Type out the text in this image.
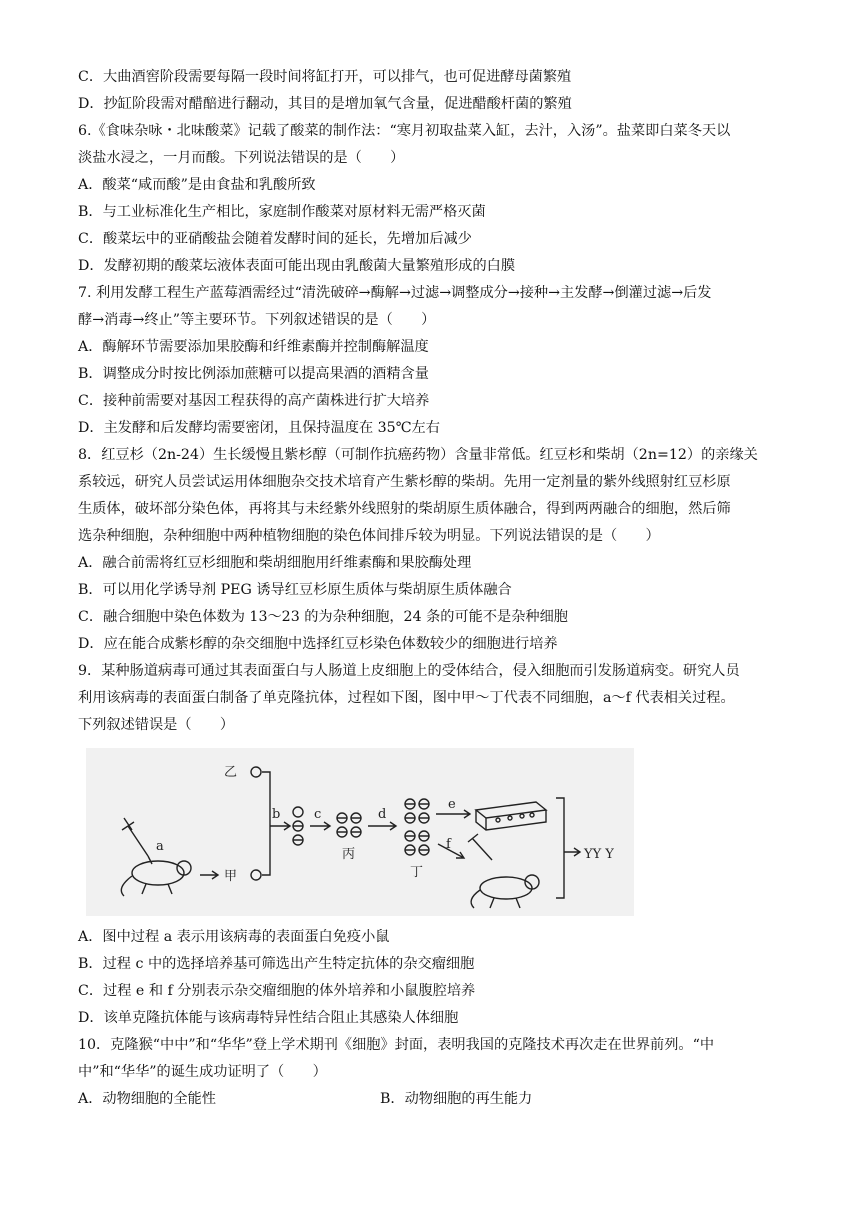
C．大曲酒窖阶段需要每隔一段时间将缸打开，可以排气，也可促进酵母菌繁殖
D．抄缸阶段需对醋醅进行翻动，其目的是增加氧气含量，促进醋酸杆菌的繁殖
6.《食味杂咏・北味酸菜》记载了酸菜的制作法：“寒月初取盐菜入缸，去汁，入汤”。盐菜即白菜冬天以
淡盐水浸之，一月而酸。下列说法错误的是（　　）
A．酸菜“咸而酸”是由食盐和乳酸所致
B．与工业标准化生产相比，家庭制作酸菜对原材料无需严格灭菌
C．酸菜坛中的亚硝酸盐会随着发酵时间的延长，先增加后减少
D．发酵初期的酸菜坛液体表面可能出现由乳酸菌大量繁殖形成的白膜
7. 利用发酵工程生产蓝莓酒需经过“清洗破碎→酶解→过滤→调整成分→接种→主发酵→倒灌过滤→后发
酵→消毒→终止”等主要环节。下列叙述错误的是（　　）
A．酶解环节需要添加果胶酶和纤维素酶并控制酶解温度
B．调整成分时按比例添加蔗糖可以提高果酒的酒精含量
C．接种前需要对基因工程获得的高产菌株进行扩大培养
D．主发酵和后发酵均需要密闭，且保持温度在 35℃左右
8．红豆杉（2n-24）生长缓慢且紫杉醇（可制作抗癌药物）含量非常低。红豆杉和柴胡（2n=12）的亲缘关
系较远，研究人员尝试运用体细胞杂交技术培育产生紫杉醇的柴胡。先用一定剂量的紫外线照射红豆杉原
生质体，破坏部分染色体，再将其与未经紫外线照射的柴胡原生质体融合，得到两两融合的细胞，然后筛
选杂种细胞，杂种细胞中两种植物细胞的染色体间排斥较为明显。下列说法错误的是（　　）
A．融合前需将红豆杉细胞和柴胡细胞用纤维素酶和果胶酶处理
B．可以用化学诱导剂 PEG 诱导红豆杉原生质体与柴胡原生质体融合
C．融合细胞中染色体数为 13～23 的为杂种细胞，24 条的可能不是杂种细胞
D．应在能合成紫杉醇的杂交细胞中选择红豆杉染色体数较少的细胞进行培养
9．某种肠道病毒可通过其表面蛋白与人肠道上皮细胞上的受体结合，侵入细胞而引发肠道病变。研究人员
利用该病毒的表面蛋白制备了单克隆抗体，过程如下图，图中甲～丁代表不同细胞，a～f 代表相关过程。
下列叙述错误是（　　）
a
甲
乙
b	c
丙
d
丁
e
f
YY Y
A．图中过程 a 表示用该病毒的表面蛋白免疫小鼠
B．过程 c 中的选择培养基可筛选出产生特定抗体的杂交瘤细胞
C．过程 e 和 f 分别表示杂交瘤细胞的体外培养和小鼠腹腔培养
D．该单克隆抗体能与该病毒特异性结合阻止其感染人体细胞
10．克隆猴“中中”和“华华”登上学术期刊《细胞》封面，表明我国的克隆技术再次走在世界前列。“中
中”和“华华”的诞生成功证明了（　　）
A．动物细胞的全能性	B．动物细胞的再生能力
